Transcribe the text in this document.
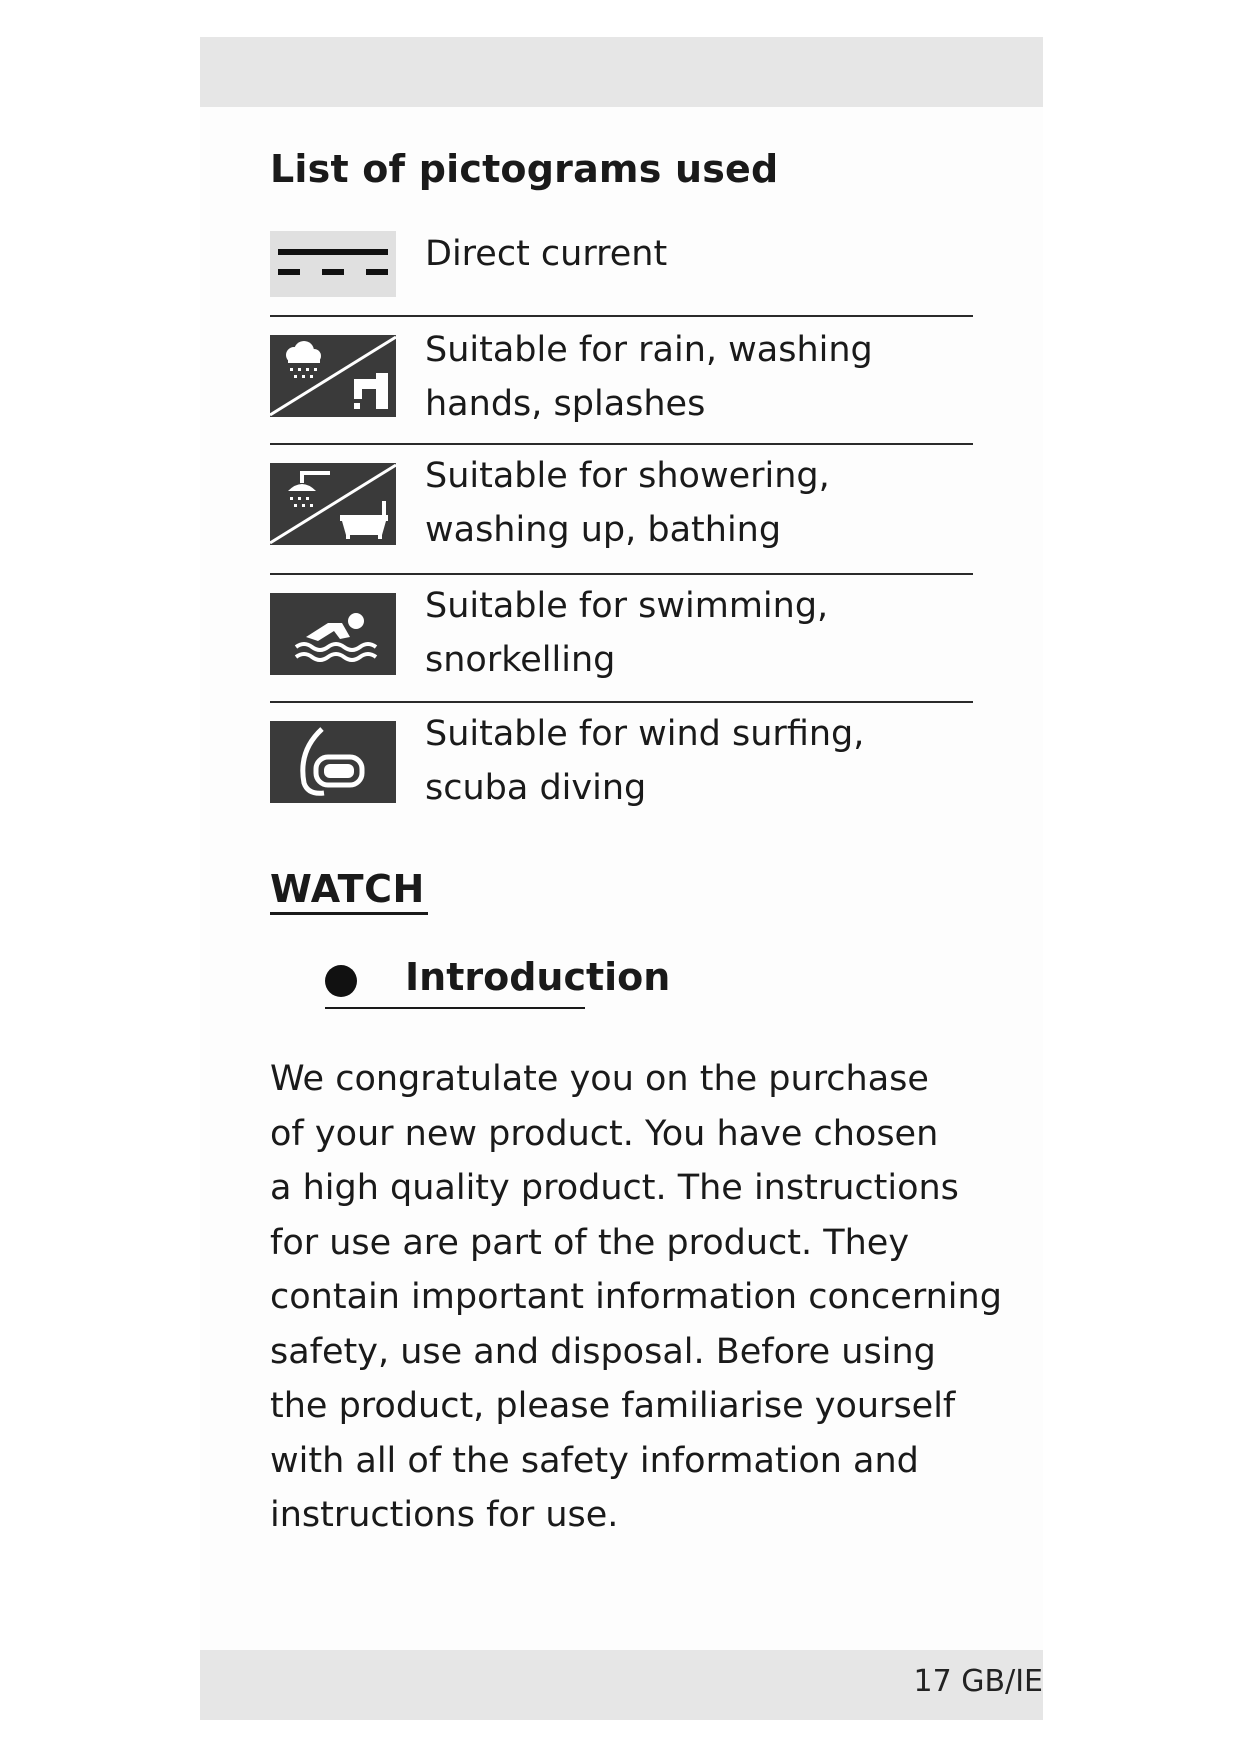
List of pictograms used
Direct current
Suitable for rain, washing
hands, splashes
Suitable for showering,
washing up, bathing
Suitable for swimming,
snorkelling
Suitable for wind surfing,
scuba diving
WATCH
Introduction
We congratulate you on the purchase
of your new product. You have chosen
a high quality product. The instructions
for use are part of the product. They
contain important information concerning
safety, use and disposal. Before using
the product, please familiarise yourself
with all of the safety information and
instructions for use.
17 GB/IE
